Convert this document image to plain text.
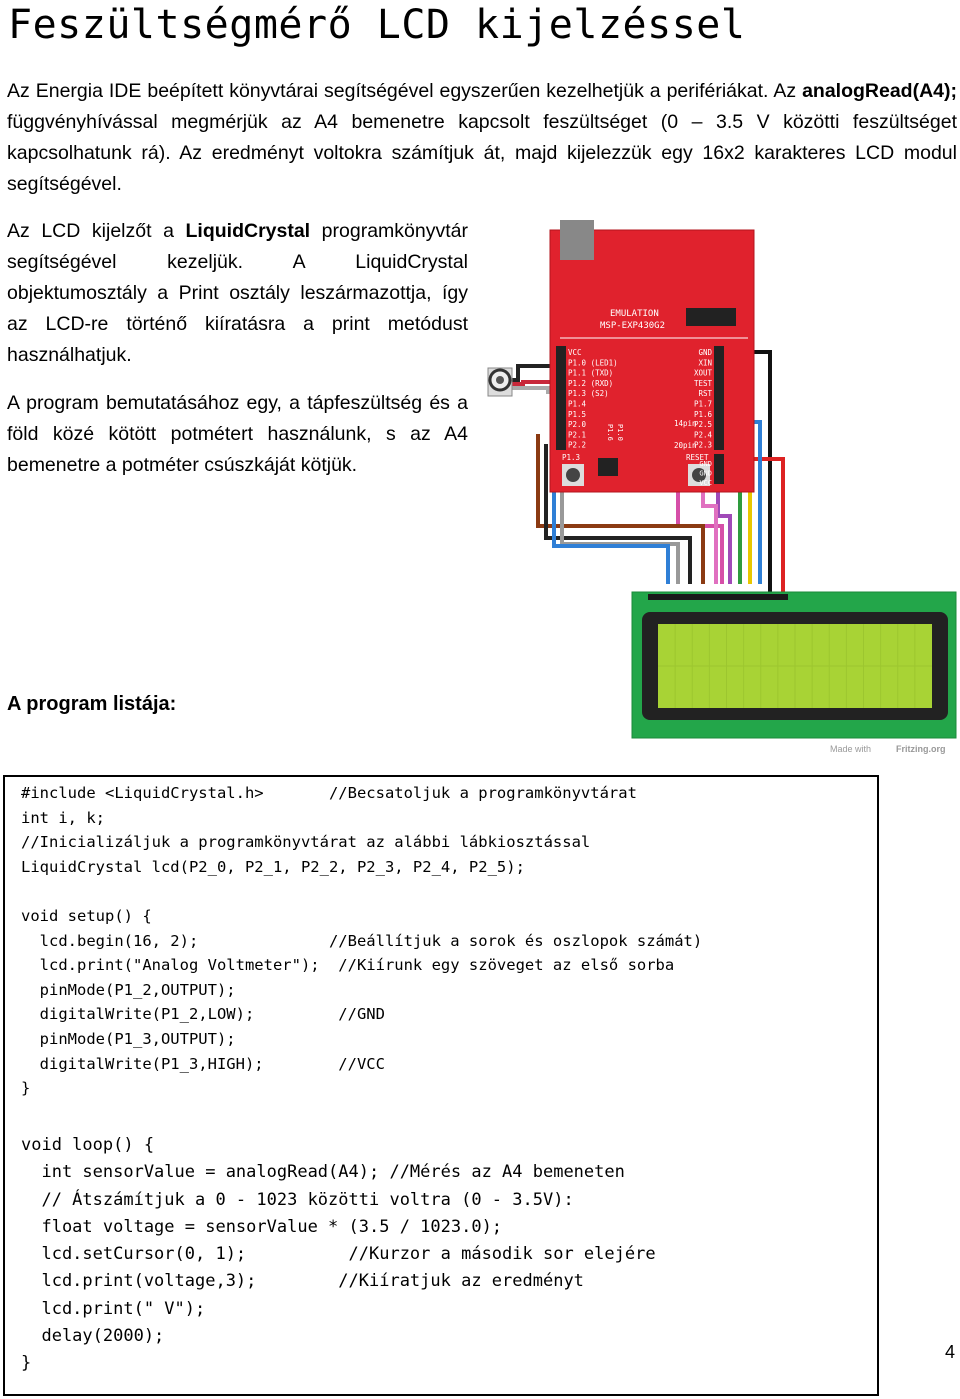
Feszültségmérő LCD kijelzéssel
Az Energia IDE beépített könyvtárai segítségével egyszerűen kezelhetjük a perifériákat. Az analogRead(A4); függvényhívással megmérjük az A4 bemenetre kapcsolt feszültséget (0 – 3.5 V közötti feszültséget kapcsolhatunk rá). Az eredményt voltokra számítjuk át, majd kijelezzük egy 16x2 karakteres LCD modul segítségével.
Az LCD kijelzőt a LiquidCrystal programkönyvtár segítségével kezeljük. A LiquidCrystal objektumosztály a Print osztály leszármazottja, így az LCD-re történő kiíratásra a print metódust használhatjuk.
A program bemutatásához egy, a tápfeszültség és a föld közé kötött potmétert használunk, s az A4 bemenetre a potméter csúszkáját kötjük.
A program listája:
EMULATION
MSP-EXP430G2
VCC
P1.0 (LED1)
P1.1 (TXD)
P1.2 (RXD)
P1.3 (S2)
P1.4
P1.5
P2.0
P2.1
P2.2
GND
XIN
XOUT
TEST
RST
P1.7
P1.6
P2.5
P2.4
P2.3
14pin
20pin
RESET
P1.3
P1.6 P1.0
GND
GND
VCC
Made with	Fritzing.org
#include <LiquidCrystal.h>       //Becsatoljuk a programkönyvtárat
int i, k;
//Inicializáljuk a programkönyvtárat az alábbi lábkiosztással
LiquidCrystal lcd(P2_0, P2_1, P2_2, P2_3, P2_4, P2_5);

void setup() {
lcd.begin(16, 2);              //Beállítjuk a sorok és oszlopok számát)
lcd.print("Analog Voltmeter");  //Kiírunk egy szöveget az első sorba
pinMode(P1_2,OUTPUT);
digitalWrite(P1_2,LOW);         //GND
pinMode(P1_3,OUTPUT);
digitalWrite(P1_3,HIGH);        //VCC
}
void loop() {
int sensorValue = analogRead(A4); //Mérés az A4 bemeneten
// Átszámítjuk a 0 - 1023 közötti voltra (0 - 3.5V):
float voltage = sensorValue * (3.5 / 1023.0);
lcd.setCursor(0, 1);          //Kurzor a második sor elejére
lcd.print(voltage,3);        //Kiíratjuk az eredményt
lcd.print(" V");
delay(2000);
}
4
